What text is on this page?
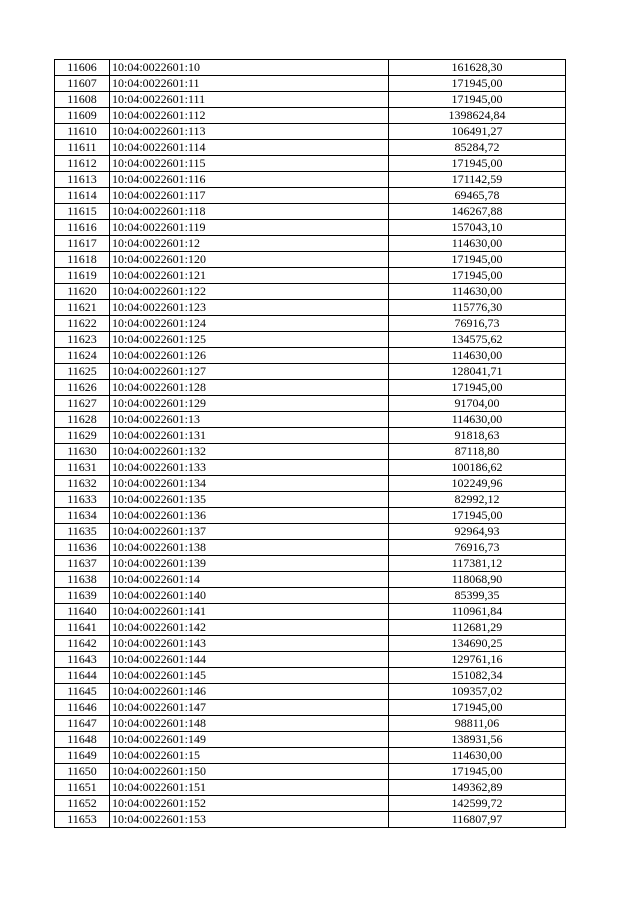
11606	10:04:0022601:10	161628,30
11607	10:04:0022601:11	171945,00
11608	10:04:0022601:111	171945,00
11609	10:04:0022601:112	1398624,84
11610	10:04:0022601:113	106491,27
11611	10:04:0022601:114	85284,72
11612	10:04:0022601:115	171945,00
11613	10:04:0022601:116	171142,59
11614	10:04:0022601:117	69465,78
11615	10:04:0022601:118	146267,88
11616	10:04:0022601:119	157043,10
11617	10:04:0022601:12	114630,00
11618	10:04:0022601:120	171945,00
11619	10:04:0022601:121	171945,00
11620	10:04:0022601:122	114630,00
11621	10:04:0022601:123	115776,30
11622	10:04:0022601:124	76916,73
11623	10:04:0022601:125	134575,62
11624	10:04:0022601:126	114630,00
11625	10:04:0022601:127	128041,71
11626	10:04:0022601:128	171945,00
11627	10:04:0022601:129	91704,00
11628	10:04:0022601:13	114630,00
11629	10:04:0022601:131	91818,63
11630	10:04:0022601:132	87118,80
11631	10:04:0022601:133	100186,62
11632	10:04:0022601:134	102249,96
11633	10:04:0022601:135	82992,12
11634	10:04:0022601:136	171945,00
11635	10:04:0022601:137	92964,93
11636	10:04:0022601:138	76916,73
11637	10:04:0022601:139	117381,12
11638	10:04:0022601:14	118068,90
11639	10:04:0022601:140	85399,35
11640	10:04:0022601:141	110961,84
11641	10:04:0022601:142	112681,29
11642	10:04:0022601:143	134690,25
11643	10:04:0022601:144	129761,16
11644	10:04:0022601:145	151082,34
11645	10:04:0022601:146	109357,02
11646	10:04:0022601:147	171945,00
11647	10:04:0022601:148	98811,06
11648	10:04:0022601:149	138931,56
11649	10:04:0022601:15	114630,00
11650	10:04:0022601:150	171945,00
11651	10:04:0022601:151	149362,89
11652	10:04:0022601:152	142599,72
11653	10:04:0022601:153	116807,97
